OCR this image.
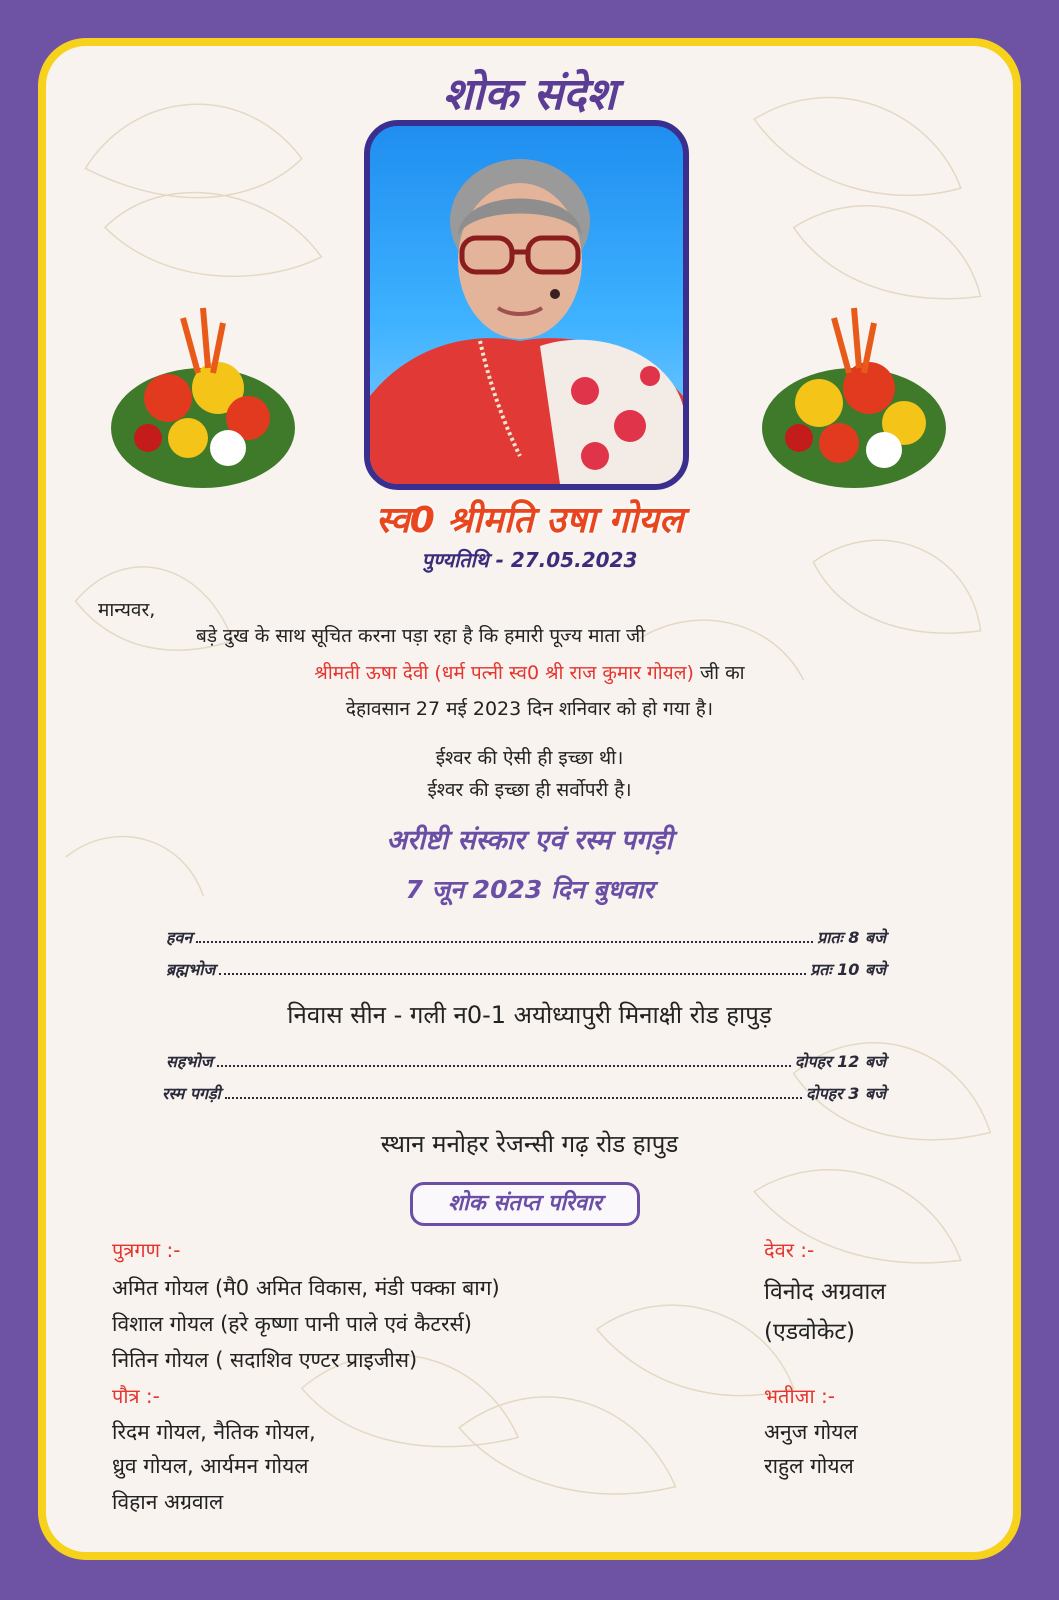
शोक संदेश
स्व0 श्रीमति उषा गोयल
पुण्यतिथि - 27.05.2023
मान्यवर,
बड़े दुख के साथ सूचित करना पड़ा रहा है कि हमारी पूज्य माता जी
श्रीमती ऊषा देवी (धर्म पत्नी स्व0 श्री राज कुमार गोयल) जी का
देहावसान 27 मई 2023 दिन शनिवार को हो गया है।
ईश्वर की ऐसी ही इच्छा थी।
ईश्वर की इच्छा ही सर्वोपरी है।
अरीष्टी संस्कार एवं रस्म पगड़ी
7 जून 2023 दिन बुधवार
हवन	प्रातः 8 बजे
ब्रह्मभोज	प्रतः 10 बजे
निवास सीन - गली न0-1 अयोध्यापुरी मिनाक्षी रोड हापुड़
सहभोज	दोपहर 12 बजे
रस्म पगड़ी	दोपहर 3 बजे
स्थान मनोहर रेजन्सी गढ़ रोड हापुड
शोक संतप्त परिवार
पुत्रगण :-
अमित गोयल (मै0 अमित विकास, मंडी पक्का बाग)
विशाल गोयल (हरे कृष्णा पानी पाले एवं कैटरर्स)
नितिन गोयल ( सदाशिव एण्टर प्राइजीस)
पौत्र :-
रिदम गोयल, नैतिक गोयल,
ध्रुव गोयल, आर्यमन गोयल
विहान अग्रवाल
देवर :-
विनोद अग्रवाल
(एडवोकेट)
भतीजा :-
अनुज गोयल
राहुल गोयल
